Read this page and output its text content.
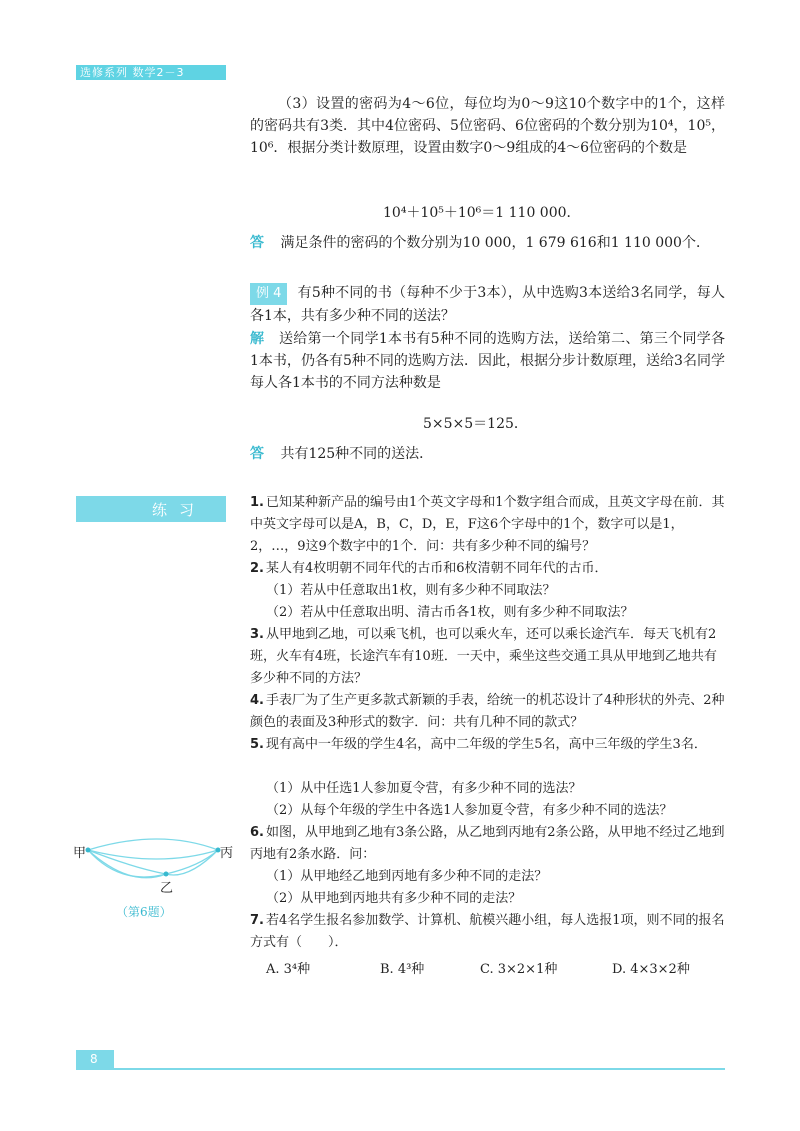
选修系列 数学2－3
（3）设置的密码为4～6位，每位均为0～9这10个数字中的1个，这样的密码共有3类．其中4位密码、5位密码、6位密码的个数分别为10⁴，10⁵，10⁶．根据分类计数原理，设置由数字0～9组成的4～6位密码的个数是
10⁴＋10⁵＋10⁶＝1 110 000．
答 满足条件的密码的个数分别为10 000，1 679 616和1 110 000个．
例 4 有5种不同的书（每种不少于3本），从中选购3本送给3名同学，每人各1本，共有多少种不同的送法？
解 送给第一个同学1本书有5种不同的选购方法，送给第二、第三个同学各1本书，仍各有5种不同的选购方法．因此，根据分步计数原理，送给3名同学每人各1本书的不同方法种数是
5×5×5＝125．
答 共有125种不同的送法．
练习	1. 已知某种新产品的编号由1个英文字母和1个数字组合而成，且英文字母在前．其中英文字母可以是A，B，C，D，E，F这6个字母中的1个，数字可以是1，2，…，9这9个数字中的1个．问：共有多少种不同的编号？
2. 某人有4枚明朝不同年代的古币和6枚清朝不同年代的古币．
（1）若从中任意取出1枚，则有多少种不同取法？
（2）若从中任意取出明、清古币各1枚，则有多少种不同取法？
3. 从甲地到乙地，可以乘飞机，也可以乘火车，还可以乘长途汽车．每天飞机有2班，火车有4班，长途汽车有10班．一天中，乘坐这些交通工具从甲地到乙地共有多少种不同的方法？
4. 手表厂为了生产更多款式新颖的手表，给统一的机芯设计了4种形状的外壳、2种颜色的表面及3种形式的数字．问：共有几种不同的款式？
5. 现有高中一年级的学生4名，高中二年级的学生5名，高中三年级的学生3名．
（1）从中任选1人参加夏令营，有多少种不同的选法？
（2）从每个年级的学生中各选1人参加夏令营，有多少种不同的选法？
6. 如图，从甲地到乙地有3条公路，从乙地到丙地有2条公路，从甲地不经过乙地到丙地有2条水路．问：
（1）从甲地经乙地到丙地有多少种不同的走法？
（2）从甲地到丙地共有多少种不同的走法？
7. 若4名学生报名参加数学、计算机、航模兴趣小组，每人选报1项，则不同的报名方式有（　　）．
A. 3⁴种	B. 4³种	C. 3×2×1种	D. 4×3×2种
甲	丙
乙
（第6题）
8
